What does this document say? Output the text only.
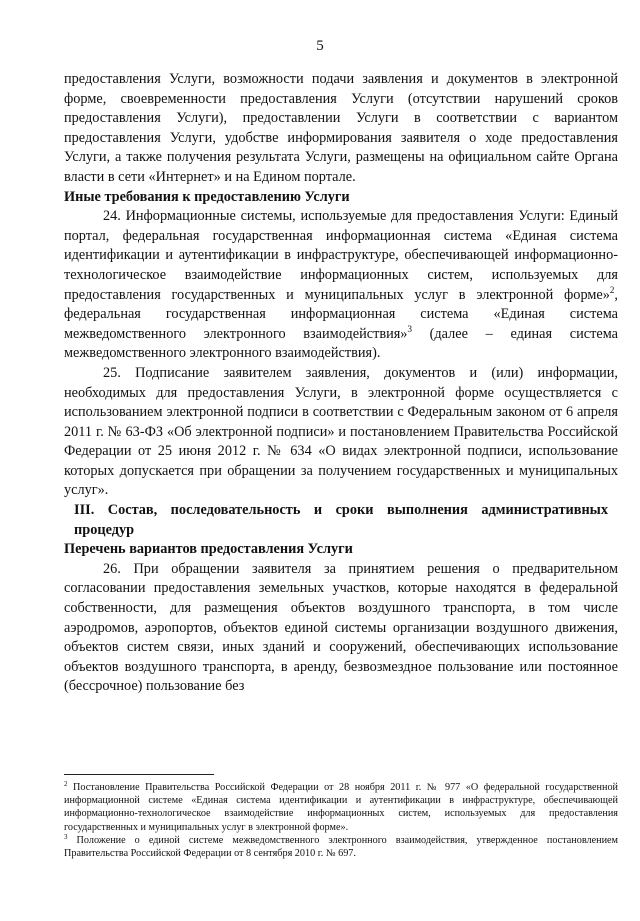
5

предоставления Услуги, возможности подачи заявления и документов в электронной форме, своевременности предоставления Услуги (отсутствии нарушений сроков предоставления Услуги), предоставлении Услуги в соответствии с вариантом предоставления Услуги, удобстве информирования заявителя о ходе предоставления Услуги, а также получения результата Услуги, размещены на официальном сайте Органа власти в сети «Интернет» и на Едином портале.

Иные требования к предоставлению Услуги

24. Информационные системы, используемые для предоставления Услуги: Единый портал, федеральная государственная информационная система «Единая система идентификации и аутентификации в инфраструктуре, обеспечивающей информационно-технологическое взаимодействие информационных систем, используемых для предоставления государственных и муниципальных услуг в электронной форме»$^2$, федеральная государственная информационная система «Единая система межведомственного электронного взаимодействия»$^3$ (далее – единая система межведомственного электронного взаимодействия).

25. Подписание заявителем заявления, документов и (или) информации, необходимых для предоставления Услуги, в электронной форме осуществляется с использованием электронной подписи в соответствии с Федеральным законом от 6 апреля 2011 г. № 63-ФЗ «Об электронной подписи» и постановлением Правительства Российской Федерации от 25 июня 2012 г. № 634 «О видах электронной подписи, использование которых допускается при обращении за получением государственных и муниципальных услуг».

III. Состав, последовательность и сроки выполнения административных процедур

Перечень вариантов предоставления Услуги

26. При обращении заявителя за принятием решения о предварительном согласовании предоставления земельных участков, которые находятся в федеральной собственности, для размещения объектов воздушного транспорта, в том числе аэродромов, аэропортов, объектов единой системы организации воздушного движения, объектов систем связи, иных зданий и сооружений, обеспечивающих использование объектов воздушного транспорта, в аренду, безвозмездное пользование или постоянное (бессрочное) пользование без

$^2$ Постановление Правительства Российской Федерации от 28 ноября 2011 г. № 977 «О федеральной государственной информационной системе «Единая система идентификации и аутентификации в инфраструктуре, обеспечивающей информационно-технологическое взаимодействие информационных систем, используемых для предоставления государственных и муниципальных услуг в электронной форме».

$^3$ Положение о единой системе межведомственного электронного взаимодействия, утвержденное постановлением Правительства Российской Федерации от 8 сентября 2010 г. № 697.
